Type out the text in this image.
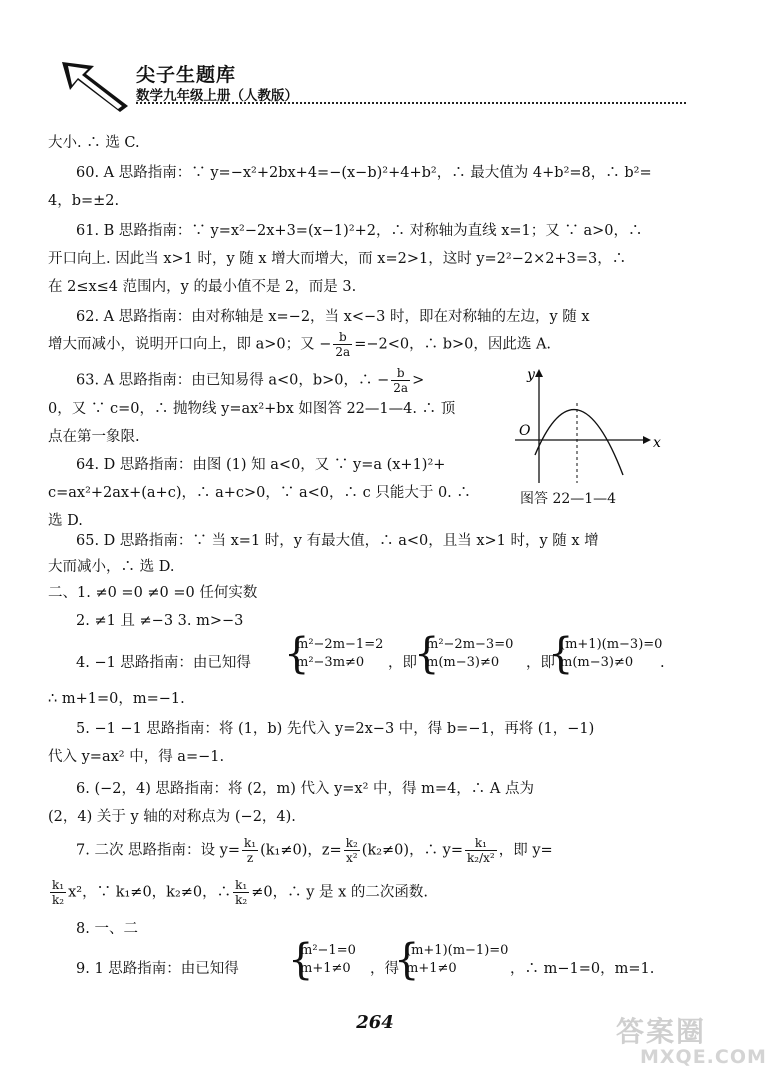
尖子生题库
数学九年级上册（人教版）
大小. ∴ 选 C.
60. A 思路指南：∵ y=−x²+2bx+4=−(x−b)²+4+b²，∴ 最大值为 4+b²=8，∴ b²=
4，b=±2.
61. B 思路指南：∵ y=x²−2x+3=(x−1)²+2，∴ 对称轴为直线 x=1；又 ∵ a>0，∴
开口向上. 因此当 x>1 时，y 随 x 增大而增大，而 x=2>1，这时 y=2²−2×2+3=3，∴
在 2≤x≤4 范围内，y 的最小值不是 2，而是 3.
62. A 思路指南：由对称轴是 x=−2，当 x<−3 时，即在对称轴的左边，y 随 x
增大而减小，说明开口向上，即 a>0；又 − $\frac{b}{2a} =-2<0$，∴ b>0，因此选 A.
63. A 思路指南：由已知易得 a<0，b>0，∴ − $\frac{b}{2a}$ >
0，又 ∵ c=0，∴ 抛物线 y=ax²+bx 如图答 22—1—4. ∴ 顶
点在第一象限.
64. D 思路指南：由图 (1) 知 a<0，又 ∵ y=a (x+1)²+
c=ax²+2ax+(a+c)，∴ a+c>0，∵ a<0，∴ c 只能大于 0. ∴
选 D.
65. D 思路指南：∵ 当 x=1 时，y 有最大值，∴ a<0，且当 x>1 时，y 随 x 增
大而减小，∴ 选 D.
二、1. ≠0 =0 ≠0 =0 任何实数
2. ≠1 且 ≠−3 3. m>−3
4. −1 思路指南：由已知得 {
m²−2m−1=2
m²−3m≠0	，即
{
m²−2m−3=0
m(m−3)≠0	，即
{
(m+1)(m−3)=0
m(m−3)≠0	.
∴ m+1=0，m=−1.
5. −1 −1 思路指南：将 (1，b) 先代入 y=2x−3 中，得 b=−1，再将 (1，−1)
代入 y=ax² 中，得 a=−1.
6. (−2，4) 思路指南：将 (2，m) 代入 y=x² 中，得 m=4，∴ A 点为
(2，4) 关于 y 轴的对称点为 (−2，4).
7. 二次 思路指南：设 $y= \frac{\text{k₁}}{z} (k_1\ne 0)$，$z= \frac{\text{k₂}}{\text{x²}} (k_2\ne 0)$，∴ $y= \frac{\text{k₁}}{\text{k₂/x²}}$ ，即 y=
$\frac{\text{k₁}}{\text{k₂}} x^2$，∵ k₁≠0，k₂≠0，∴ $\frac{\text{k₁}}{\text{k₂}} \ne 0$，∴ y 是 x 的二次函数.
8. 一、二
9. 1 思路指南：由已知得 {
m²−1=0
m+1≠0	，得
{
(m+1)(m−1)=0
m+1≠0	，∴ m−1=0，m=1.
y
x
O
图答 22—1—4
264	答案圈
MXQE.COM
